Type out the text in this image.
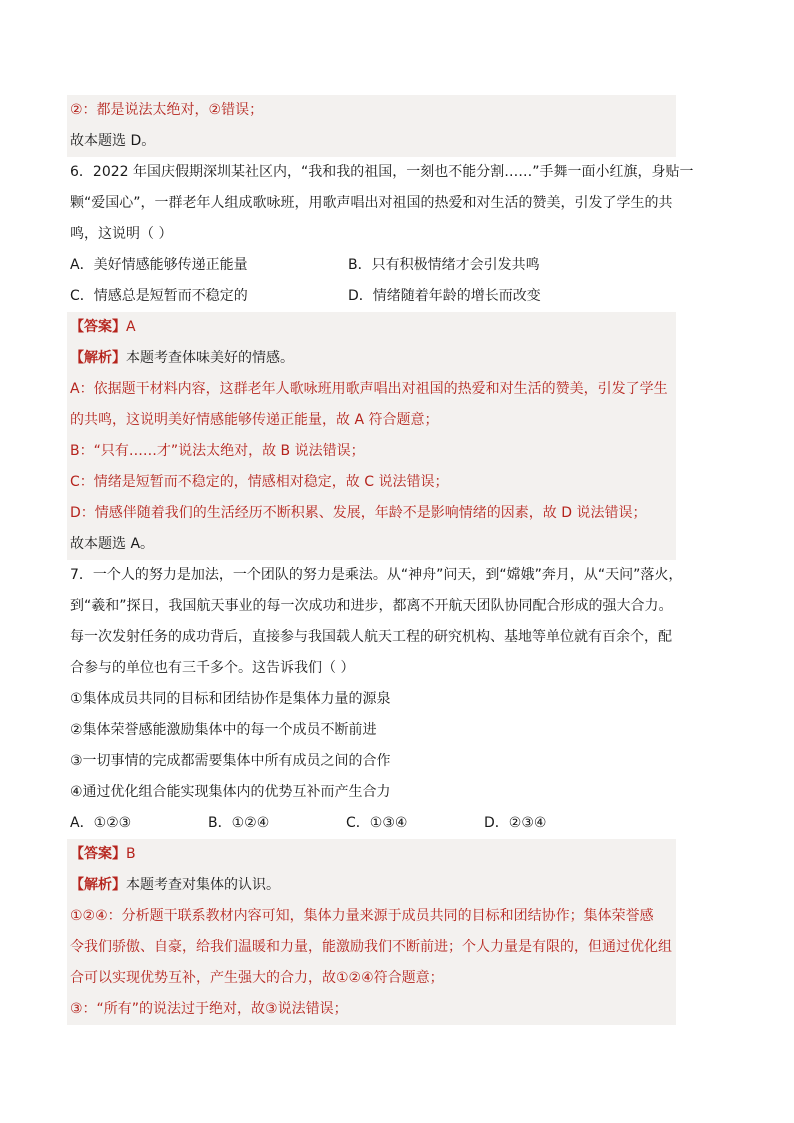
②：都是说法太绝对，②错误；
故本题选 D。
6．2022 年国庆假期深圳某社区内，“我和我的祖国，一刻也不能分割……”手舞一面小红旗，身贴一
颗“爱国心”，一群老年人组成歌咏班，用歌声唱出对祖国的热爱和对生活的赞美，引发了学生的共
鸣，这说明（ ）
A．美好情感能够传递正能量	B．只有积极情绪才会引发共鸣
C．情感总是短暂而不稳定的	D．情绪随着年龄的增长而改变
【答案】A
【解析】本题考查体味美好的情感。
A：依据题干材料内容，这群老年人歌咏班用歌声唱出对祖国的热爱和对生活的赞美，引发了学生
的共鸣，这说明美好情感能够传递正能量，故 A 符合题意；
B：“只有……才”说法太绝对，故 B 说法错误；
C：情绪是短暂而不稳定的，情感相对稳定，故 C 说法错误；
D：情感伴随着我们的生活经历不断积累、发展，年龄不是影响情绪的因素，故 D 说法错误；
故本题选 A。
7．一个人的努力是加法，一个团队的努力是乘法。从“神舟”问天，到“嫦娥”奔月，从“天问”落火，
到“羲和”探日，我国航天事业的每一次成功和进步，都离不开航天团队协同配合形成的强大合力。
每一次发射任务的成功背后，直接参与我国载人航天工程的研究机构、基地等单位就有百余个，配
合参与的单位也有三千多个。这告诉我们（ ）
①集体成员共同的目标和团结协作是集体力量的源泉
②集体荣誉感能激励集体中的每一个成员不断前进
③一切事情的完成都需要集体中所有成员之间的合作
④通过优化组合能实现集体内的优势互补而产生合力
A．①②③	B．①②④	C．①③④	D．②③④
【答案】B
【解析】本题考查对集体的认识。
①②④：分析题干联系教材内容可知，集体力量来源于成员共同的目标和团结协作；集体荣誉感
令我们骄傲、自豪，给我们温暖和力量，能激励我们不断前进；个人力量是有限的，但通过优化组
合可以实现优势互补，产生强大的合力，故①②④符合题意；
③：“所有”的说法过于绝对，故③说法错误；
